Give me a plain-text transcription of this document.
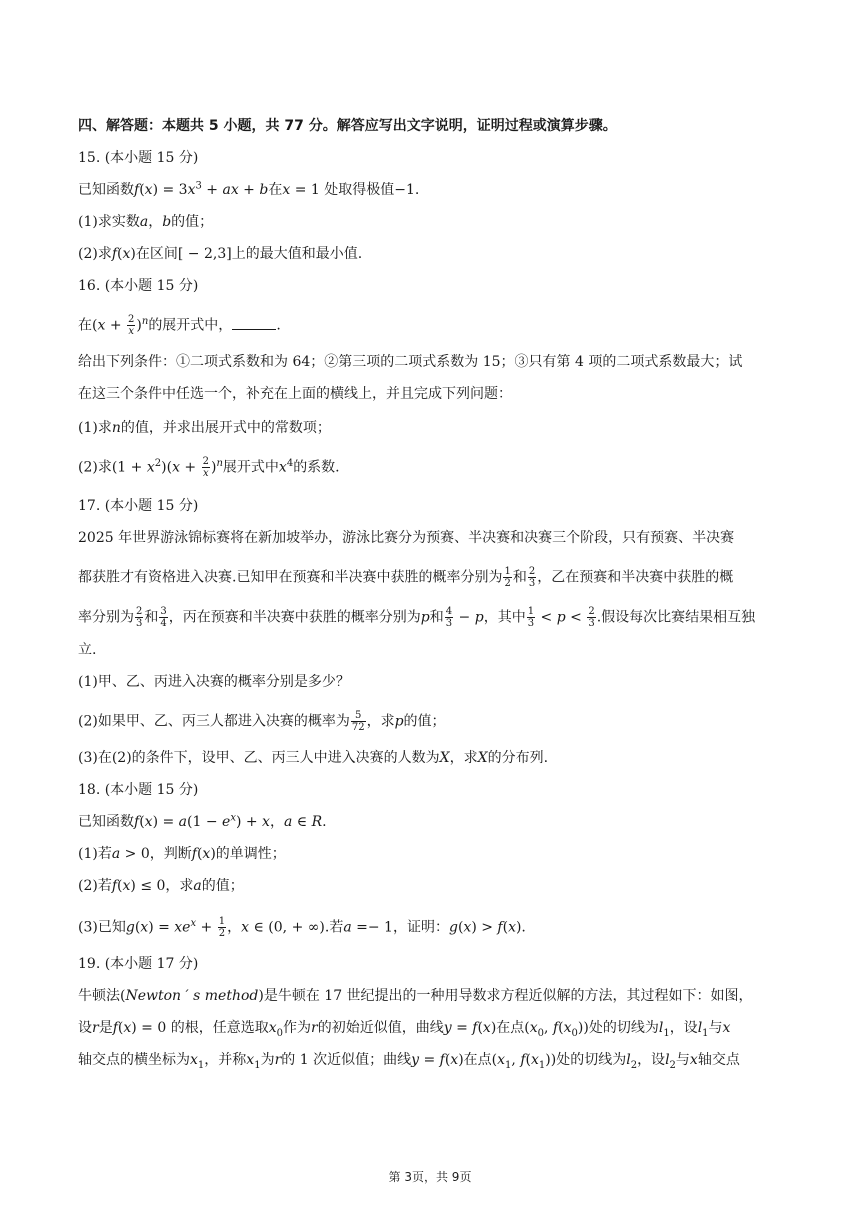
四、解答题：本题共 5 小题，共 77 分。解答应写出文字说明，证明过程或演算步骤。
15. (本小题 15 分)
已知函数$f(x) = 3x^3$ + ax + b在x = 1 处取得极值−1.
(1)求实数a，b的值；
(2)求f(x)在区间[ − 2,3]上的最大值和最小值.
16. (本小题 15 分)
在$(x + \frac{2}{x} )^n$的展开式中，	.
给出下列条件：①二项式系数和为 64；②第三项的二项式系数为 15；③只有第 4 项的二项式系数最大；试
在这三个条件中任选一个，补充在上面的横线上，并且完成下列问题：
(1)求n的值，并求出展开式中的常数项；
(2)求$(1 + x^2)(x + \frac{2}{x} )^n$展开式中$x^4$的系数.
17. (本小题 15 分)
2025 年世界游泳锦标赛将在新加坡举办，游泳比赛分为预赛、半决赛和决赛三个阶段，只有预赛、半决赛
都获胜才有资格进入决赛.已知甲在预赛和半决赛中获胜的概率分别为 $\frac{1}{2}$ 和 $\frac{2}{3}$ ，乙在预赛和半决赛中获胜的概
率分别为 $\frac{2}{3}$ 和 $\frac{3}{4}$ ，丙在预赛和半决赛中获胜的概率分别为p和 $\frac{4}{3} - p$，其中 $\frac{1}{3} < p < \frac{2}{3}$ .假设每次比赛结果相互独
立.
(1)甲、乙、丙进入决赛的概率分别是多少？
(2)如果甲、乙、丙三人都进入决赛的概率为 $\frac{5}{72}$ ，求p的值；
(3)在(2)的条件下，设甲、乙、丙三人中进入决赛的人数为X，求X的分布列.
18. (本小题 15 分)
已知函数$f(x) = a(1 - e^x) + x$，a ∈ R.
(1)若a > 0，判断f(x)的单调性；
(2)若f(x) ≤ 0，求a的值；
(3)已知$g(x) = xe^x + \frac{1}{2}$ ，x ∈ (0, + ∞).若a =− 1，证明：g(x) > f(x).
19. (本小题 17 分)
牛顿法(Newton ′ s method)是牛顿在 17 世纪提出的一种用导数求方程近似解的方法，其过程如下：如图，
设r是f(x) = 0 的根，任意选取$x_0$作为r的初始近似值，曲线y = f(x)在点($x_0$, $f(x_0)$)处的切线为$l_1$，设$l_1$与x
轴交点的横坐标为$x_1$，并称$x_1$为r的 1 次近似值；曲线y = f(x)在点($x_1$, $f(x_1)$)处的切线为$l_2$，设$l_2$与x轴交点
第 3页，共 9页
